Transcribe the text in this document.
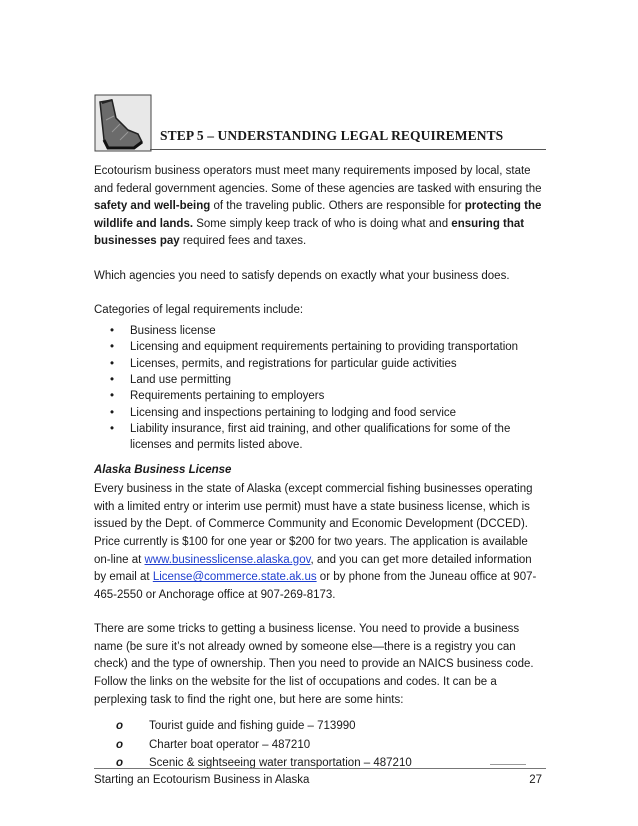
STEP 5 – UNDERSTANDING LEGAL REQUIREMENTS

Ecotourism business operators must meet many requirements imposed by local, state and federal government agencies. Some of these agencies are tasked with ensuring the safety and well-being of the traveling public. Others are responsible for protecting the wildlife and lands. Some simply keep track of who is doing what and ensuring that businesses pay required fees and taxes.

Which agencies you need to satisfy depends on exactly what your business does.

Categories of legal requirements include:

• Business license
• Licensing and equipment requirements pertaining to providing transportation
• Licenses, permits, and registrations for particular guide activities
• Land use permitting
• Requirements pertaining to employers
• Licensing and inspections pertaining to lodging and food service
• Liability insurance, first aid training, and other qualifications for some of the licenses and permits listed above.
Alaska Business License

Every business in the state of Alaska (except commercial fishing businesses operating with a limited entry or interim use permit) must have a state business license, which is issued by the Dept. of Commerce Community and Economic Development (DCCED). Price currently is $100 for one year or $200 for two years. The application is available on-line at www.businesslicense.alaska.gov, and you can get more detailed information by email at License@commerce.state.ak.us or by phone from the Juneau office at 907-465-2550 or Anchorage office at 907-269-8173.

There are some tricks to getting a business license. You need to provide a business name (be sure it’s not already owned by someone else—there is a registry you can check) and the type of ownership. Then you need to provide an NAICS business code. Follow the links on the website for the list of occupations and codes. It can be a perplexing task to find the right one, but here are some hints:

o Tourist guide and fishing guide – 713990
o Charter boat operator – 487210
o Scenic & sightseeing water transportation – 487210
Starting an Ecotourism Business in Alaska	27
